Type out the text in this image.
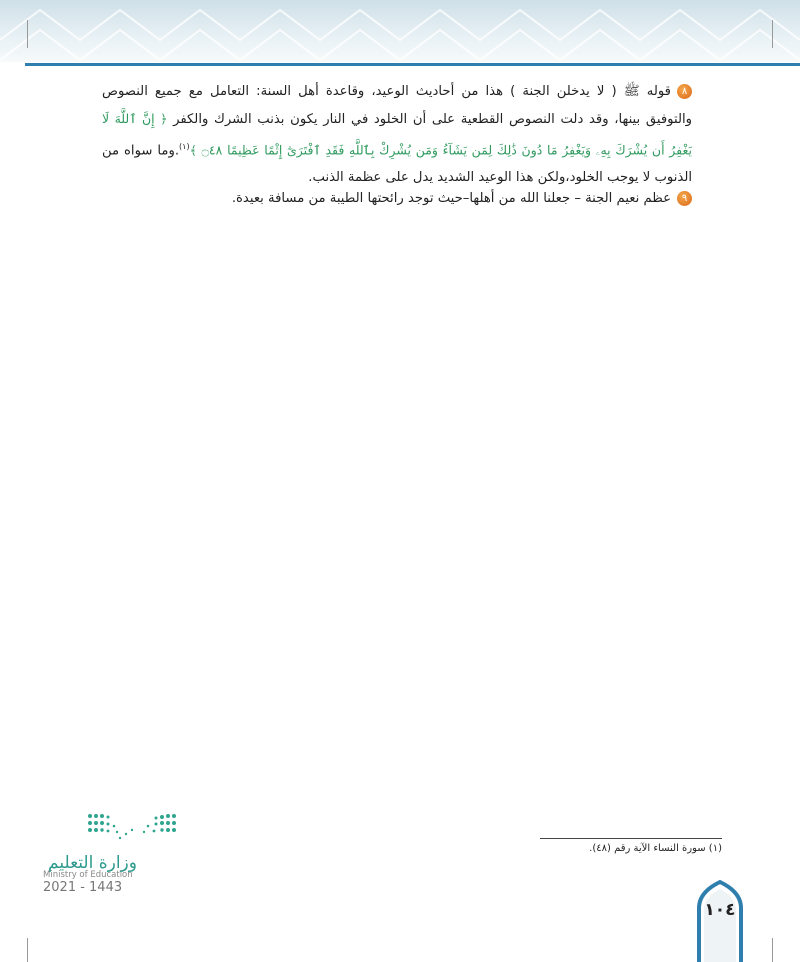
٨قوله ﷺ ( لا يدخلن الجنة ) هذا من أحاديث الوعيد، وقاعدة أهل السنة: التعامل مع جميع النصوص والتوفيق بينها، وقد دلت النصوص القطعية على أن الخلود في النار يكون بذنب الشرك والكفر ﴿ إِنَّ ٱللَّهَ لَا يَغْفِرُ أَن يُشْرَكَ بِهِۦ وَيَغْفِرُ مَا دُونَ ذَٰلِكَ لِمَن يَشَآءُ وَمَن يُشْرِكْ بِٱللَّهِ فَقَدِ ٱفْتَرَىٰٓ إِثْمًا عَظِيمًا ۝٤٨ ﴾$^{(١)}$.وما سواه من الذنوب لا يوجب الخلود،ولكن هذا الوعيد الشديد يدل على عظمة الذنب.
٩عظم نعيم الجنة – جعلنا الله من أهلها–حيث توجد رائحتها الطيبة من مسافة بعيدة.
(١) سورة النساء الآية رقم (٤٨).
١٠٤
وزارة التعليم
Ministry of Education
2021 - 1443
